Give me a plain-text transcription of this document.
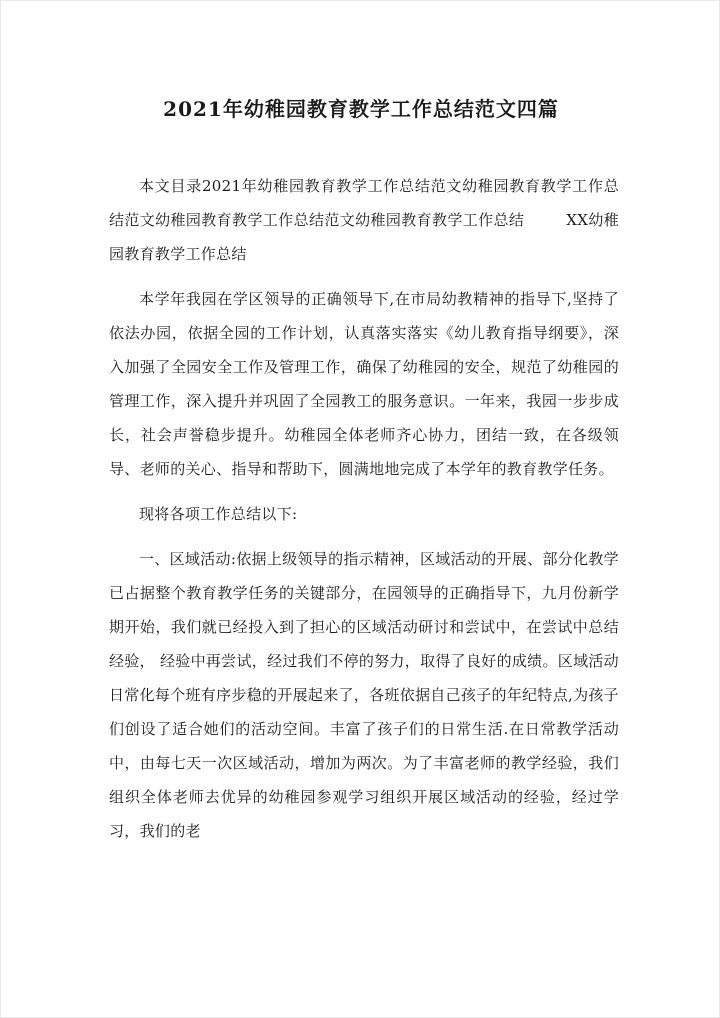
2021年幼稚园教育教学工作总结范文四篇

本文目录2021年幼稚园教育教学工作总结范文幼稚园教育教学工作总结范文幼稚园教育教学工作总结范文幼稚园教育教学工作总结	XX幼稚园教育教学工作总结

本学年我园在学区领导的正确领导下,在市局幼教精神的指导下,坚持了依法办园，依据全园的工作计划，认真落实落实《幼儿教育指导纲要》，深入加强了全园安全工作及管理工作，确保了幼稚园的安全，规范了幼稚园的管理工作，深入提升并巩固了全园教工的服务意识。一年来，我园一步步成长，社会声誉稳步提升。幼稚园全体老师齐心协力，团结一致，在各级领导、老师的关心、指导和帮助下，圆满地地完成了本学年的教育教学任务。

现将各项工作总结以下:

一、区域活动:依据上级领导的指示精神，区域活动的开展、部分化教学已占据整个教育教学任务的关键部分，在园领导的正确指导下，九月份新学期开始，我们就已经投入到了担心的区域活动研讨和尝试中，在尝试中总结经验， 经验中再尝试，经过我们不停的努力，取得了良好的成绩。区域活动日常化每个班有序步稳的开展起来了，各班依据自己孩子的年纪特点,为孩子们创设了适合她们的活动空间。丰富了孩子们的日常生活.在日常教学活动中，由每七天一次区域活动，增加为两次。为了丰富老师的教学经验，我们组织全体老师去优异的幼稚园参观学习组织开展区域活动的经验，经过学习，我们的老
